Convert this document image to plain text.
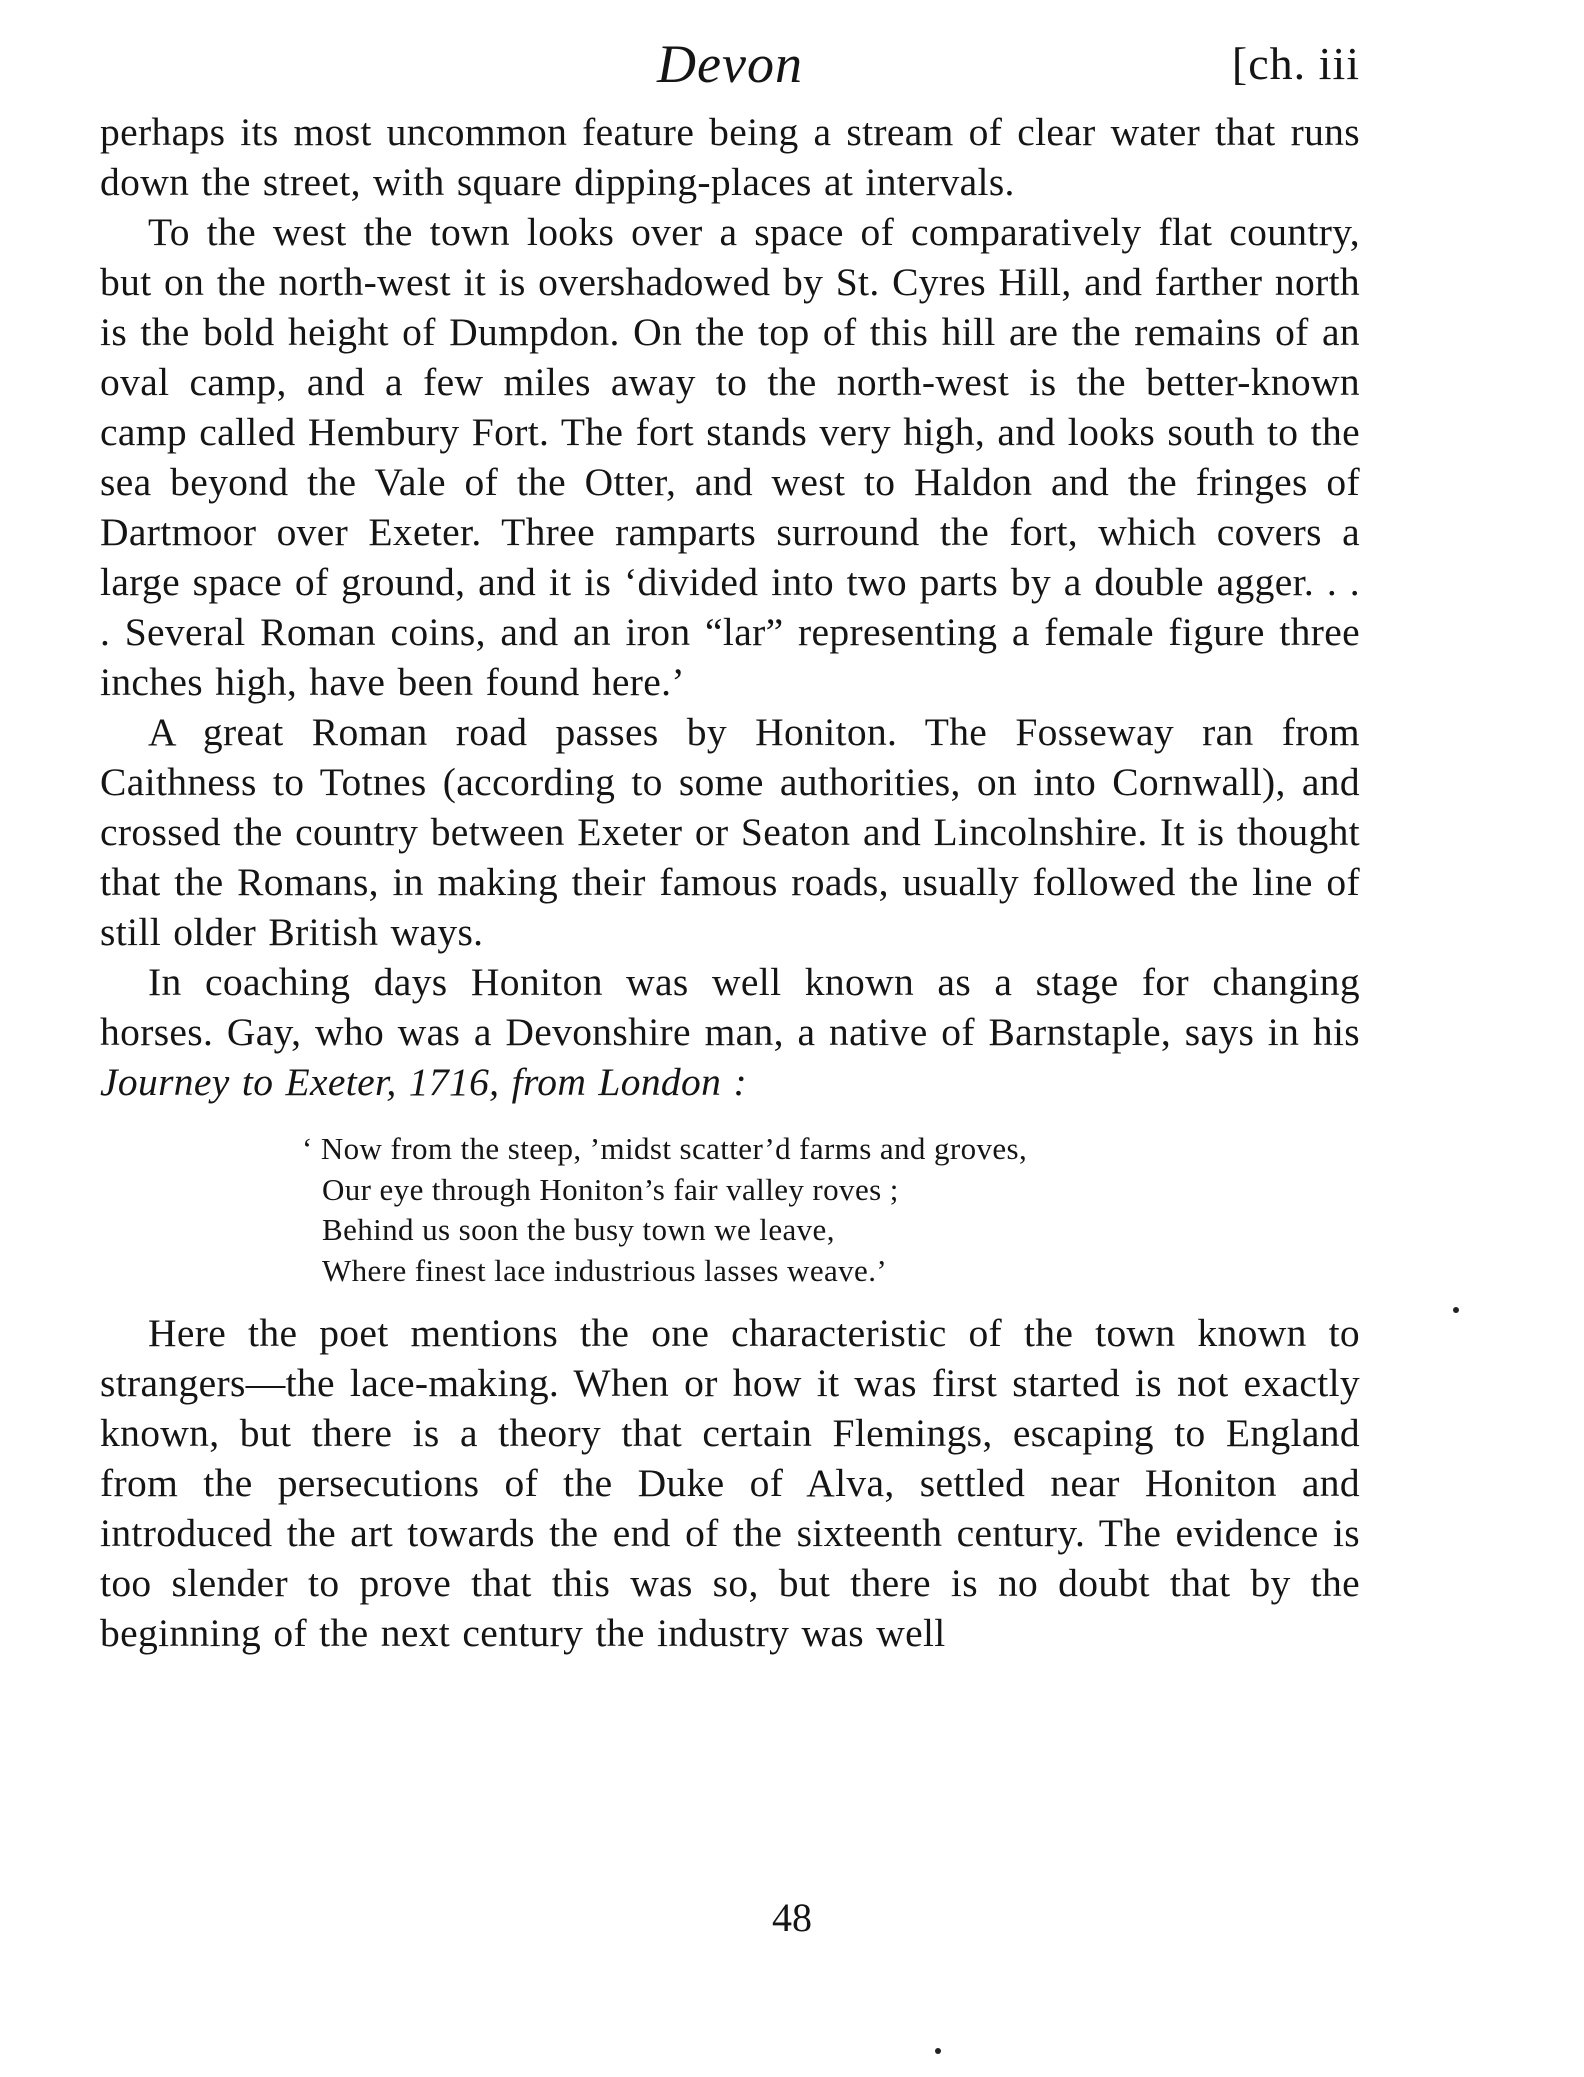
Devon	[ch. iii

perhaps its most uncommon feature being a stream of clear water that runs down the street, with square dipping-places at intervals.

To the west the town looks over a space of comparatively flat country, but on the north-west it is overshadowed by St. Cyres Hill, and farther north is the bold height of Dumpdon. On the top of this hill are the remains of an oval camp, and a few miles away to the north-west is the better-known camp called Hembury Fort. The fort stands very high, and looks south to the sea beyond the Vale of the Otter, and west to Haldon and the fringes of Dartmoor over Exeter. Three ramparts surround the fort, which covers a large space of ground, and it is ‘divided into two parts by a double agger. . . . Several Roman coins, and an iron “lar” representing a female figure three inches high, have been found here.’

A great Roman road passes by Honiton. The Fosseway ran from Caithness to Totnes (according to some authorities, on into Cornwall), and crossed the country between Exeter or Seaton and Lincolnshire. It is thought that the Romans, in making their famous roads, usually followed the line of still older British ways.

In coaching days Honiton was well known as a stage for changing horses. Gay, who was a Devonshire man, a native of Barnstaple, says in his Journey to Exeter, 1716, from London :

‘ Now from the steep, ’midst scatter’d farms and groves,
Our eye through Honiton’s fair valley roves ;
Behind us soon the busy town we leave,
Where finest lace industrious lasses weave.’

Here the poet mentions the one characteristic of the town known to strangers—the lace-making. When or how it was first started is not exactly known, but there is a theory that certain Flemings, escaping to England from the persecutions of the Duke of Alva, settled near Honiton and introduced the art towards the end of the sixteenth century. The evidence is too slender to prove that this was so, but there is no doubt that by the beginning of the next century the industry was well

48
